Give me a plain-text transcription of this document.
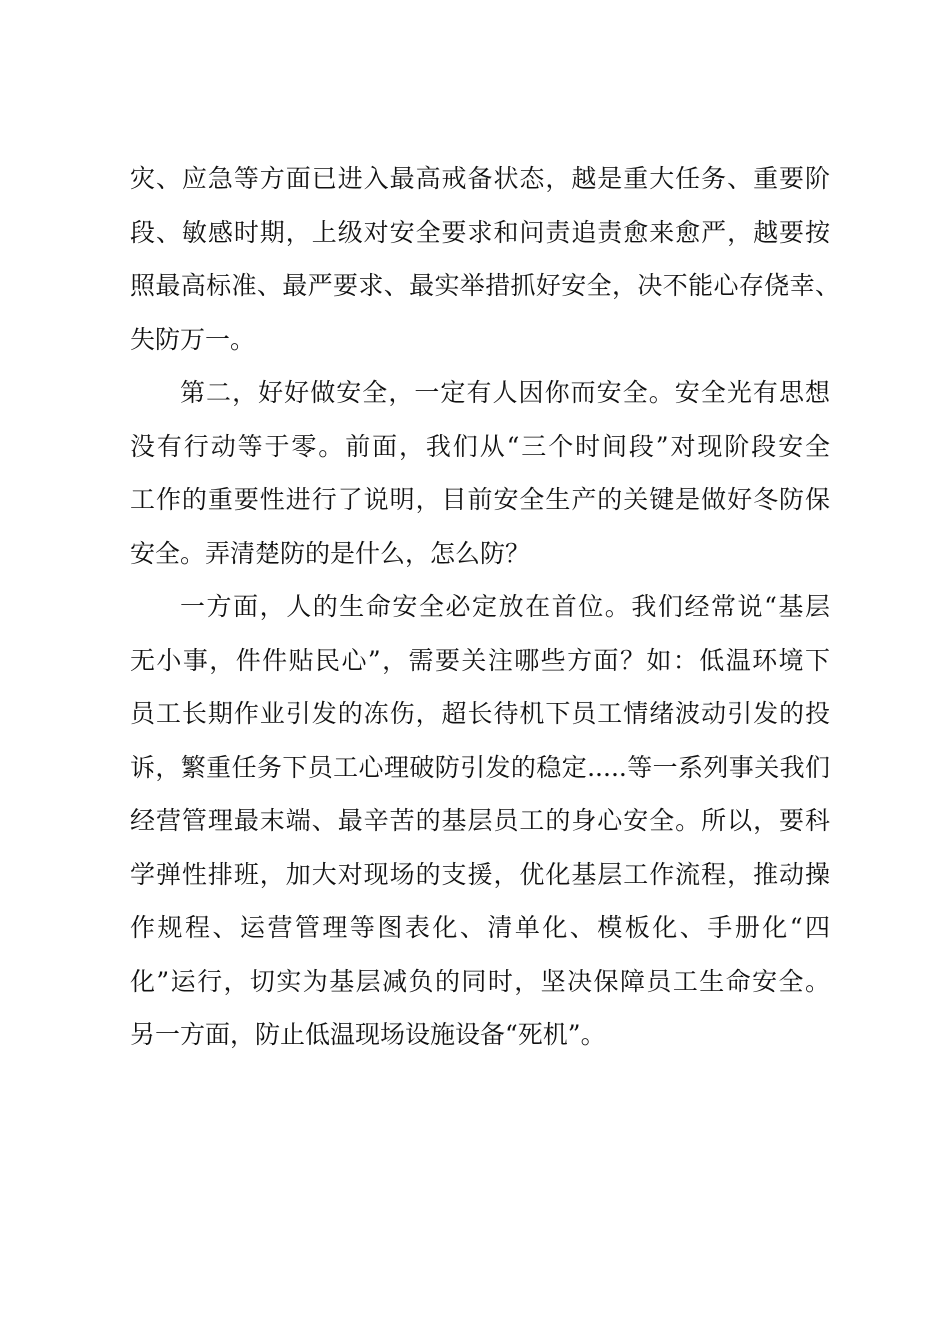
灾、应急等方面已进入最高戒备状态，越是重大任务、重要阶
段、敏感时期，上级对安全要求和问责追责愈来愈严，越要按
照最高标准、最严要求、最实举措抓好安全，决不能心存侥幸、
失防万一。
第二，好好做安全，一定有人因你而安全。安全光有思想
没有行动等于零。前面，我们从“三个时间段”对现阶段安全
工作的重要性进行了说明，目前安全生产的关键是做好冬防保
安全。弄清楚防的是什么，怎么防？
一方面，人的生命安全必定放在首位。我们经常说“基层
无小事，件件贴民心”，需要关注哪些方面？如：低温环境下
员工长期作业引发的冻伤，超长待机下员工情绪波动引发的投
诉，繁重任务下员工心理破防引发的稳定.....等一系列事关我们
经营管理最末端、最辛苦的基层员工的身心安全。所以，要科
学弹性排班，加大对现场的支援，优化基层工作流程，推动操
作规程、运营管理等图表化、清单化、模板化、手册化“四
化”运行，切实为基层减负的同时，坚决保障员工生命安全。
另一方面，防止低温现场设施设备“死机”。
